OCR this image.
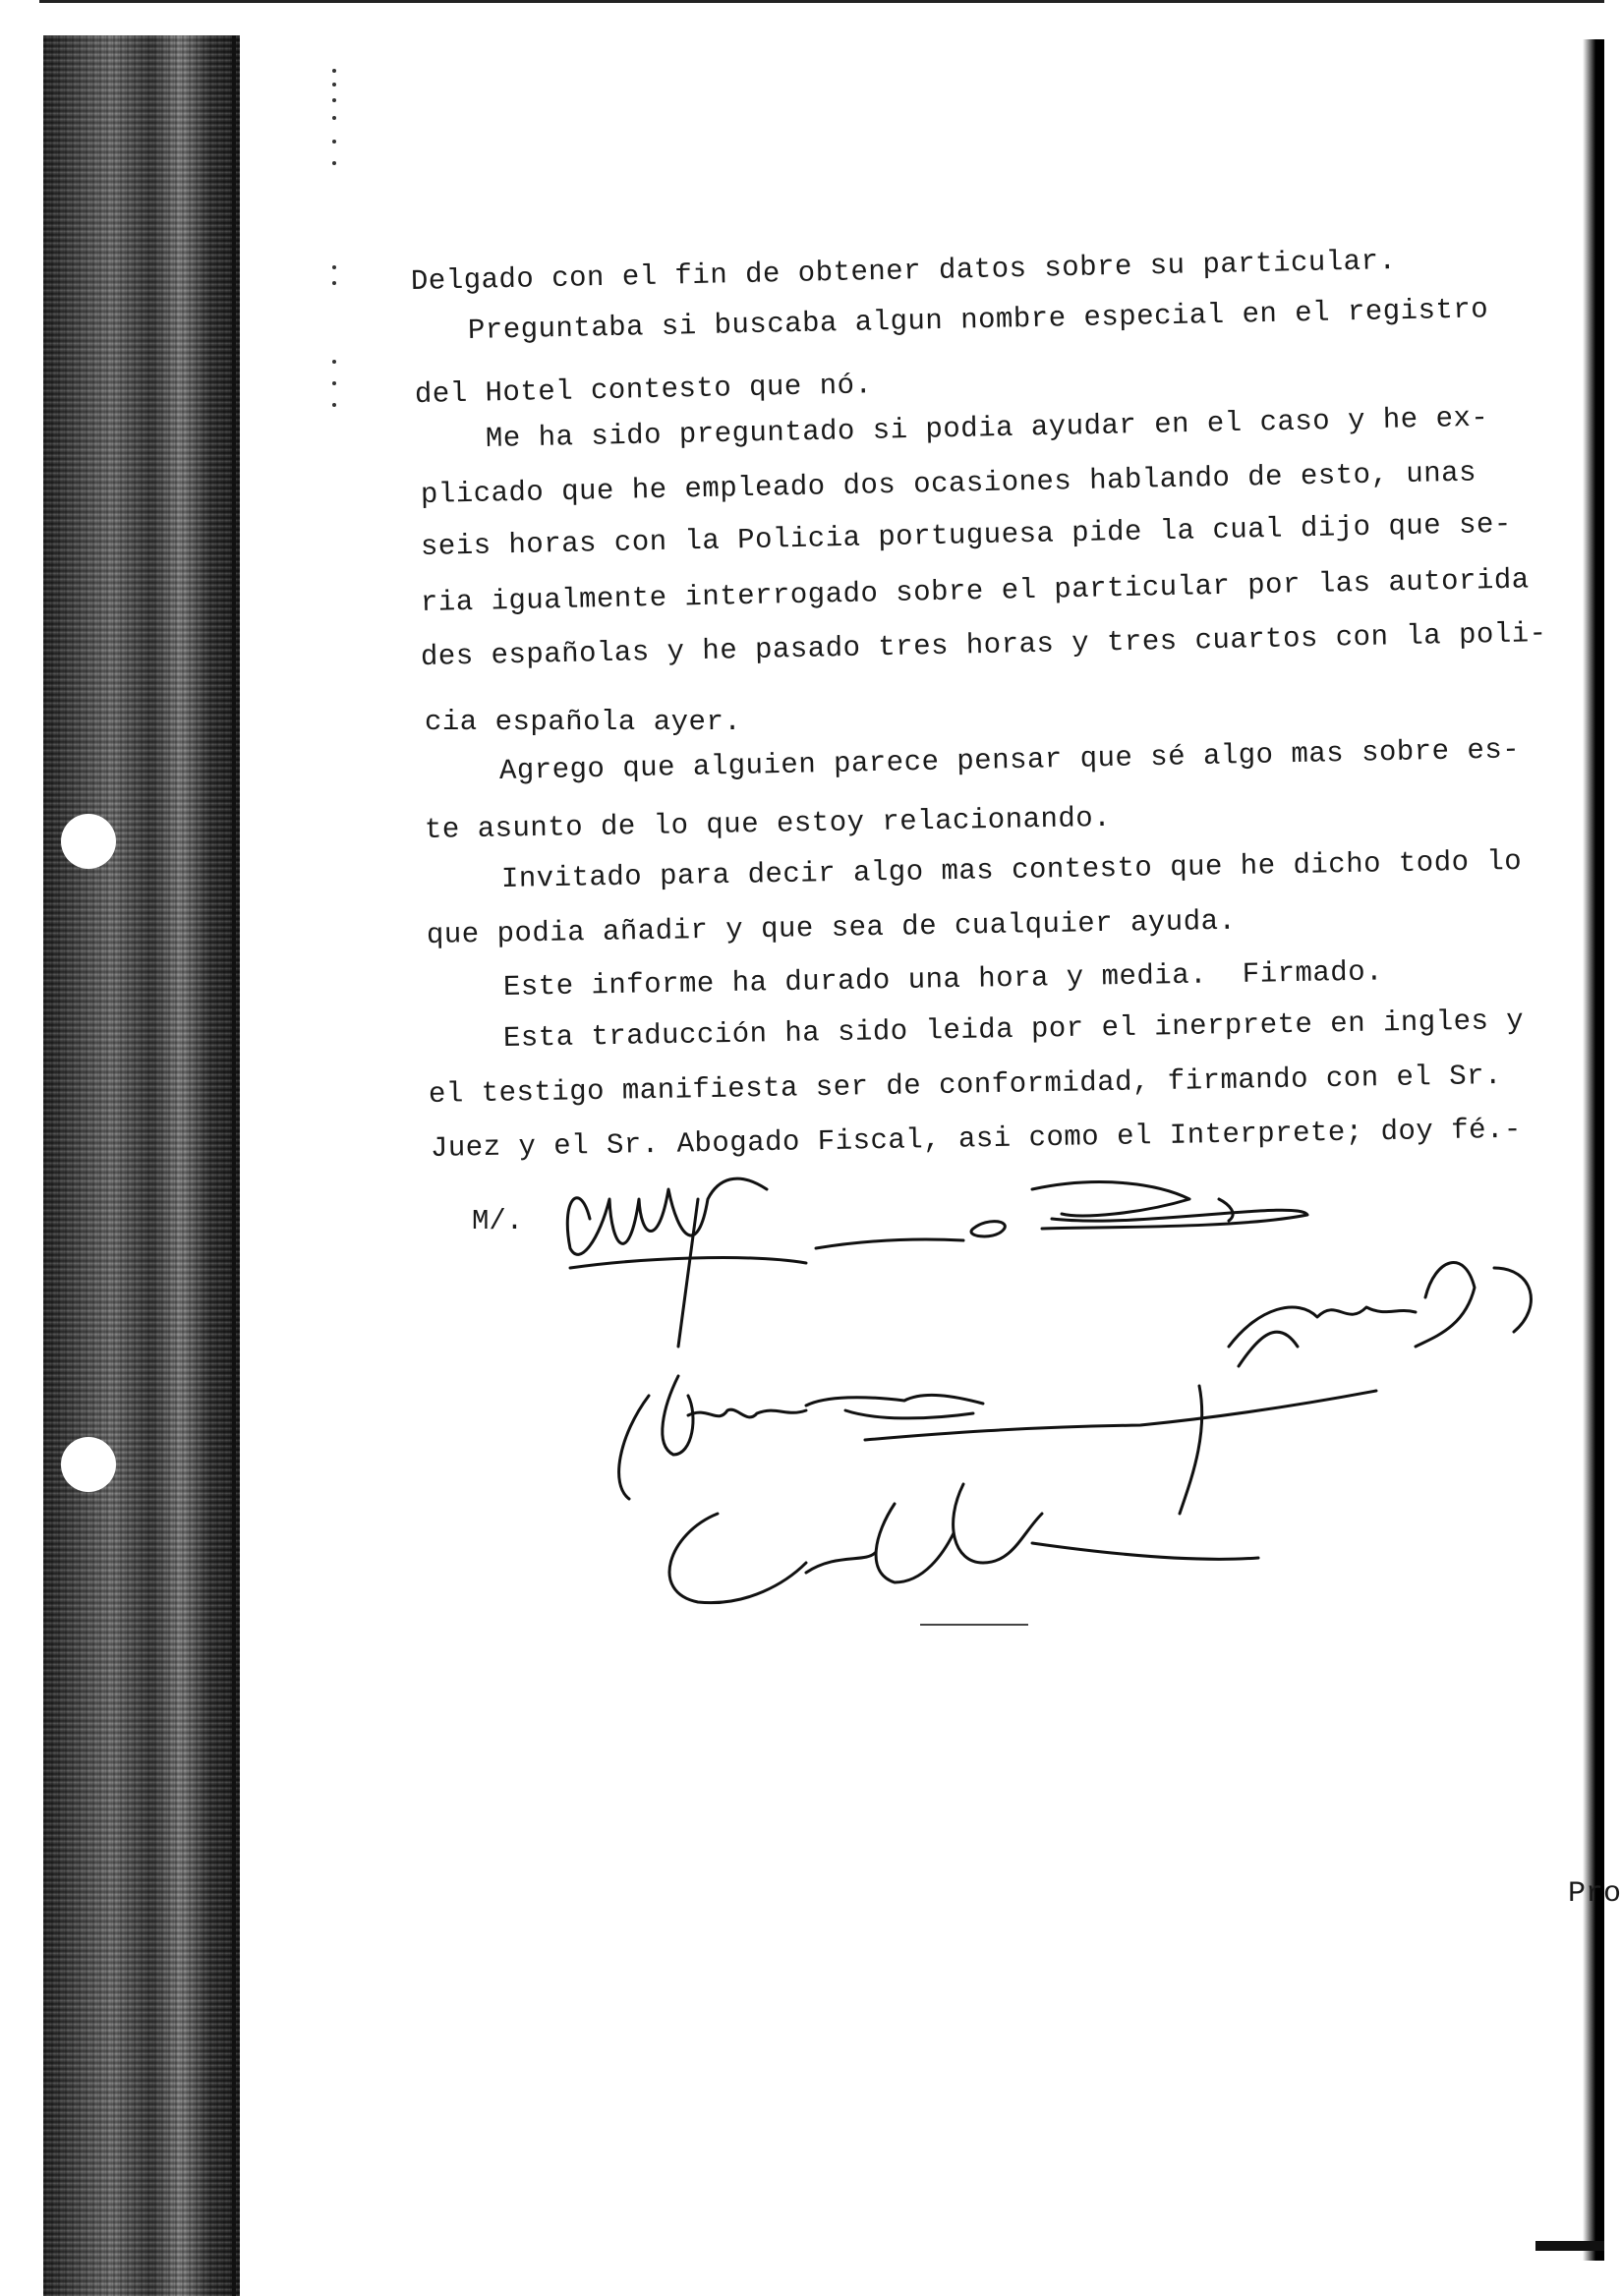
Delgado con el fin de obtener datos sobre su particular.
Preguntaba si buscaba algun nombre especial en el registro
del Hotel contesto que nó.
Me ha sido preguntado si podia ayudar en el caso y he ex-
plicado que he empleado dos ocasiones hablando de esto, unas
seis horas con la Policia portuguesa pide la cual dijo que se-
ria igualmente interrogado sobre el particular por las autorida
des españolas y he pasado tres horas y tres cuartos con la poli-
cia española ayer.
Agrego que alguien parece pensar que sé algo mas sobre es-
te asunto de lo que estoy relacionando.
Invitado para decir algo mas contesto que he dicho todo lo
que podia añadir y que sea de cualquier ayuda.
Este informe ha durado una hora y media.  Firmado.
Esta traducción ha sido leida por el inerprete en ingles y
el testigo manifiesta ser de conformidad, firmando con el Sr.
Juez y el Sr. Abogado Fiscal, asi como el Interprete; doy fé.-
M/.
Pro
